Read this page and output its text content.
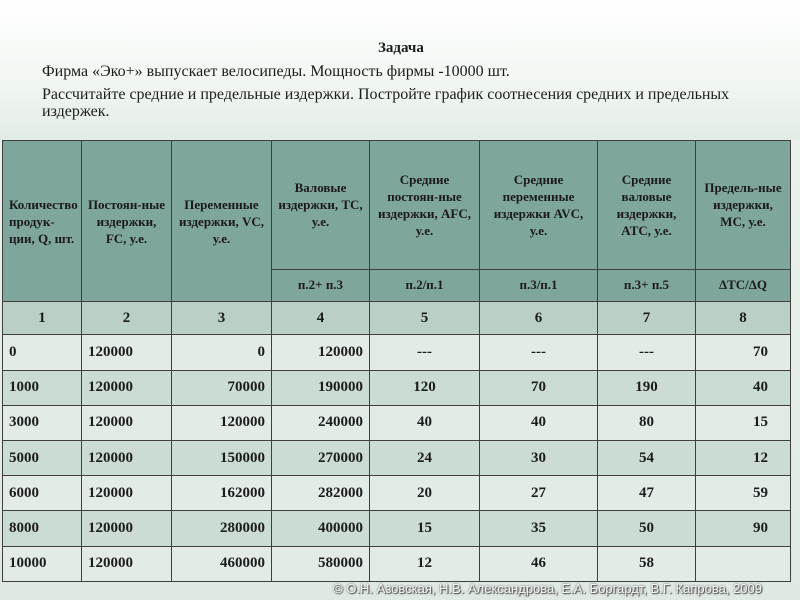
Задача
Фирма «Эко+» выпускает велосипеды. Мощность фирмы -10000 шт.
Рассчитайте средние и предельные издержки. Постройте график соотнесения средних и предельных издержек.
Количество продук-ции, Q, шт.	Постоян-ные издержки, FC, у.е.	Переменные издержки, VC, у.е.	Валовые издержки, TC, у.е.	Средние постоян-ные издержки, AFC, у.е.	Средние переменные издержки AVC, у.е.	Средние валовые издержки, ATC, у.е.	Предель-ные издержки, MC, у.е.
			п.2+ п.3	п.2/п.1	п.3/п.1	п.3+ п.5	ΔTC/ΔQ
1	2	3	4	5	6	7	8
0	120000	0	120000	---	---	---	70
1000	120000	70000	190000	120	70	190	40
3000	120000	120000	240000	40	40	80	15
5000	120000	150000	270000	24	30	54	12
6000	120000	162000	282000	20	27	47	59
8000	120000	280000	400000	15	35	50	90
10000	120000	460000	580000	12	46	58	
© О.Н. Азовская, Н.В. Александрова, Е.А. Боргардт, В.Г. Капрова, 2009
